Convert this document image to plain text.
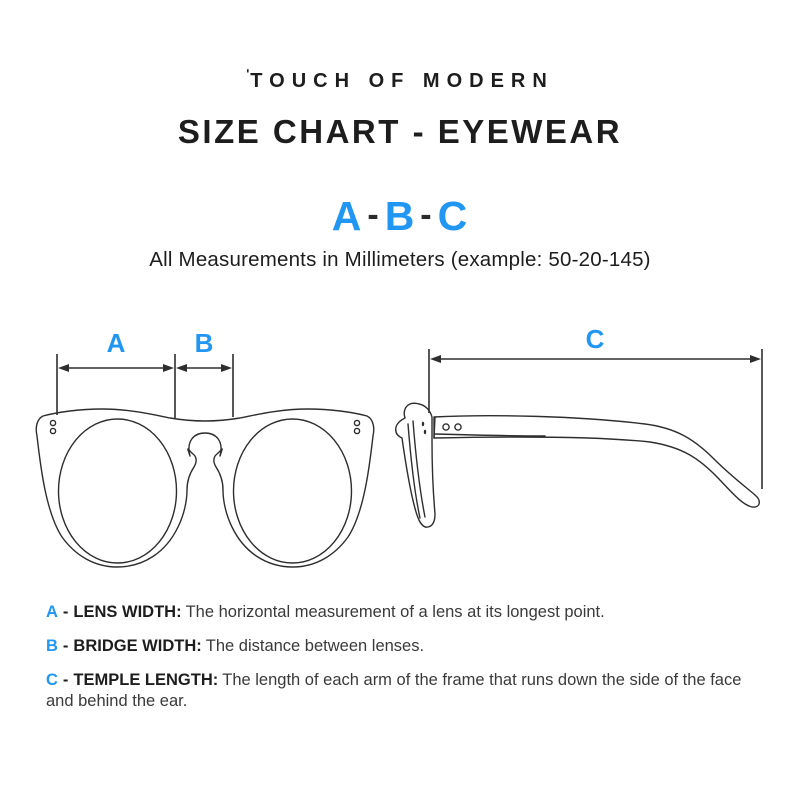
$^ʹ$TOUCH OF MODERN
SIZE CHART - EYEWEAR
A - B - C
All Measurements in Millimeters (example: 50-20-145)
A	B	C
A - LENS WIDTH: The horizontal measurement of a lens at its longest point.
B - BRIDGE WIDTH: The distance between lenses.
C - TEMPLE LENGTH: The length of each arm of the frame that runs down the side of the face and behind the ear.
